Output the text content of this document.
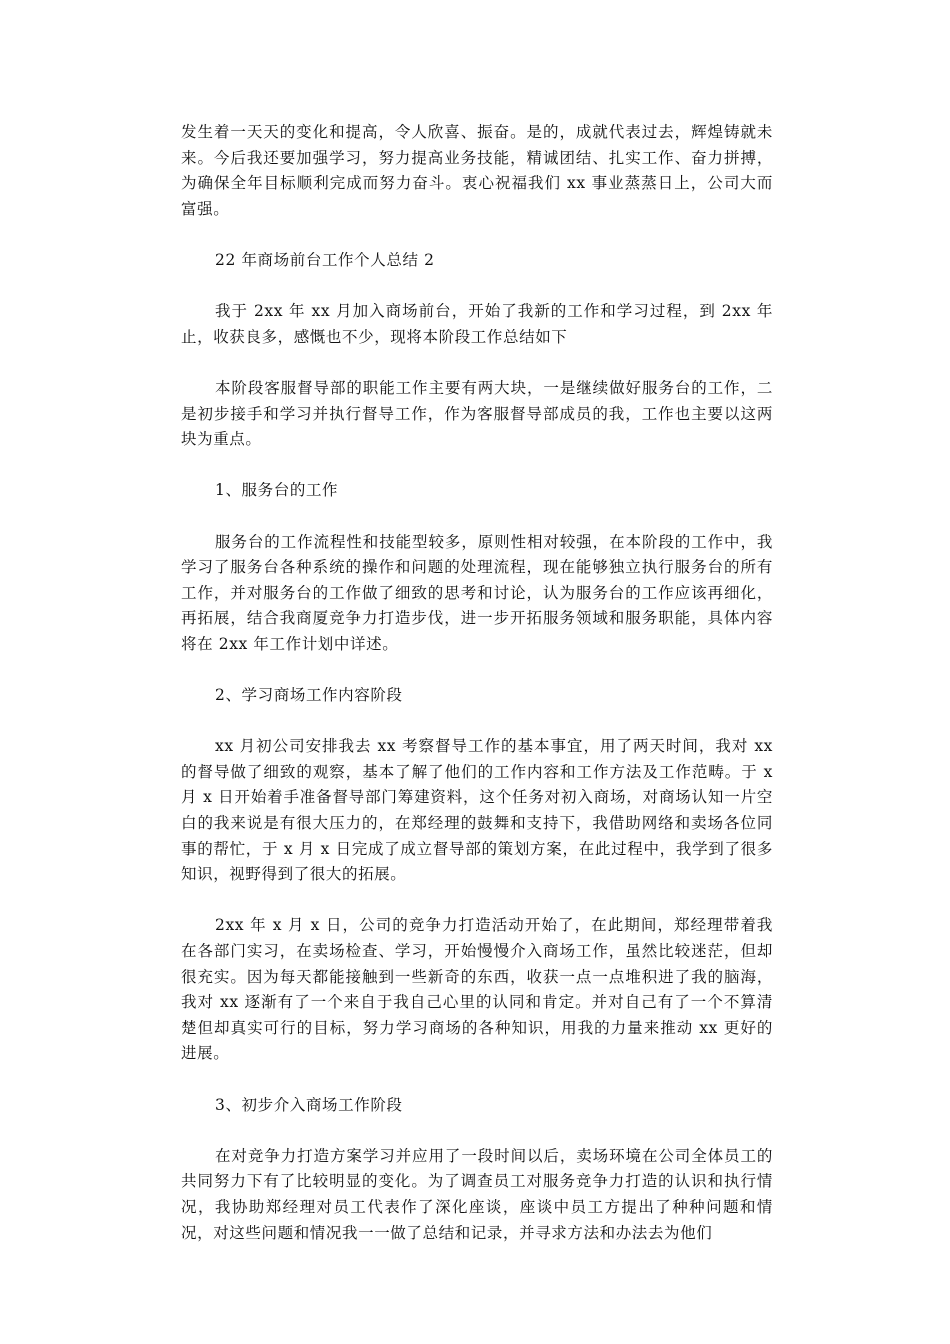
发生着一天天的变化和提高，令人欣喜、振奋。是的，成就代表过去，辉煌铸就未来。今后我还要加强学习，努力提高业务技能，精诚团结、扎实工作、奋力拼搏，为确保全年目标顺利完成而努力奋斗。衷心祝福我们 xx 事业蒸蒸日上，公司大而富强。

22 年商场前台工作个人总结 2

我于 2xx 年 xx 月加入商场前台，开始了我新的工作和学习过程，到 2xx 年止，收获良多，感慨也不少，现将本阶段工作总结如下

本阶段客服督导部的职能工作主要有两大块，一是继续做好服务台的工作，二是初步接手和学习并执行督导工作，作为客服督导部成员的我，工作也主要以这两块为重点。

1、服务台的工作

服务台的工作流程性和技能型较多，原则性相对较强，在本阶段的工作中，我学习了服务台各种系统的操作和问题的处理流程，现在能够独立执行服务台的所有工作，并对服务台的工作做了细致的思考和讨论，认为服务台的工作应该再细化，再拓展，结合我商厦竞争力打造步伐，进一步开拓服务领域和服务职能，具体内容将在 2xx 年工作计划中详述。

2、学习商场工作内容阶段

xx 月初公司安排我去 xx 考察督导工作的基本事宜，用了两天时间，我对 xx 的督导做了细致的观察，基本了解了他们的工作内容和工作方法及工作范畴。于 x 月 x 日开始着手准备督导部门筹建资料，这个任务对初入商场，对商场认知一片空白的我来说是有很大压力的，在郑经理的鼓舞和支持下，我借助网络和卖场各位同事的帮忙，于 x 月 x 日完成了成立督导部的策划方案，在此过程中，我学到了很多知识，视野得到了很大的拓展。

2xx 年 x 月 x 日，公司的竞争力打造活动开始了，在此期间，郑经理带着我在各部门实习，在卖场检查、学习，开始慢慢介入商场工作，虽然比较迷茫，但却很充实。因为每天都能接触到一些新奇的东西，收获一点一点堆积进了我的脑海，我对 xx 逐渐有了一个来自于我自己心里的认同和肯定。并对自己有了一个不算清楚但却真实可行的目标，努力学习商场的各种知识，用我的力量来推动 xx 更好的进展。

3、初步介入商场工作阶段

在对竞争力打造方案学习并应用了一段时间以后，卖场环境在公司全体员工的共同努力下有了比较明显的变化。为了调查员工对服务竞争力打造的认识和执行情况，我协助郑经理对员工代表作了深化座谈，座谈中员工方提出了种种问题和情况，对这些问题和情况我一一做了总结和记录，并寻求方法和办法去为他们
